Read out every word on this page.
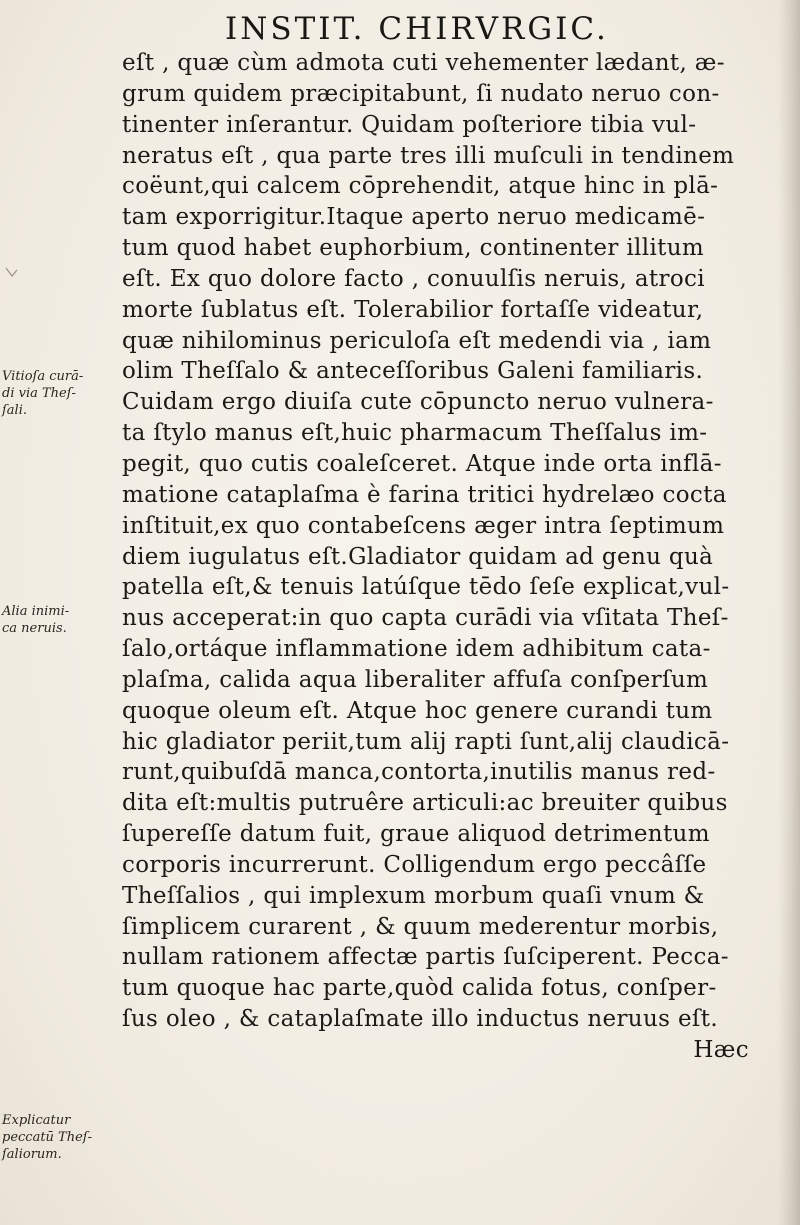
INSTIT. CHIRVRGIC.
eſt , quæ cùm admota cuti vehementer lædant, æ-
grum quidem præcipitabunt, ſi nudato neruo con-
tinenter inſerantur. Quidam poſteriore tibia vul-
neratus eſt , qua parte tres illi muſculi in tendinem
coëunt,qui calcem cōprehendit, atque hinc in plā-
tam exporrigitur.Itaque aperto neruo medicamē-
tum quod habet euphorbium, continenter illitum
eſt. Ex quo dolore facto , conuulſis neruis, atroci
morte ſublatus eſt. Tolerabilior fortaſſe videatur,
quæ nihilominus periculoſa eſt medendi via , iam
olim Theſſalo & anteceſſoribus Galeni familiaris.
Cuidam ergo diuiſa cute cōpuncto neruo vulnera-
ta ſtylo manus eſt,huic pharmacum Theſſalus im-
pegit, quo cutis coaleſceret. Atque inde orta inflā-
matione cataplaſma è farina tritici hydrelæo cocta
inſtituit,ex quo contabeſcens æger intra ſeptimum
diem iugulatus eſt.Gladiator quidam ad genu quà
patella eſt,& tenuis latúſque tēdo ſeſe explicat,vul-
nus acceperat:in quo capta curādi via vſitata Theſ-
ſalo,ortáque inflammatione idem adhibitum cata-
plaſma, calida aqua liberaliter affuſa conſperſum
quoque oleum eſt. Atque hoc genere curandi tum
hic gladiator periit,tum alij rapti ſunt,alij claudicā-
runt,quibuſdā manca,contorta,inutilis manus red-
dita eſt:multis putruêre articuli:ac breuiter quibus
ſupereſſe datum fuit, graue aliquod detrimentum
corporis incurrerunt. Colligendum ergo peccâſſe
Theſſalios , qui implexum morbum quaſi vnum &
ſimplicem curarent , & quum mederentur morbis,
nullam rationem affectæ partis ſuſciperent. Pecca-
tum quoque hac parte,quòd calida fotus, conſper-
ſus oleo , & cataplaſmate illo inductus neruus eſt.
Hæc
Vitioſa curā-
di via Theſ-
ſali.
Alia inimi-
ca neruis.
Explicatur
peccatū Theſ-
ſaliorum.
